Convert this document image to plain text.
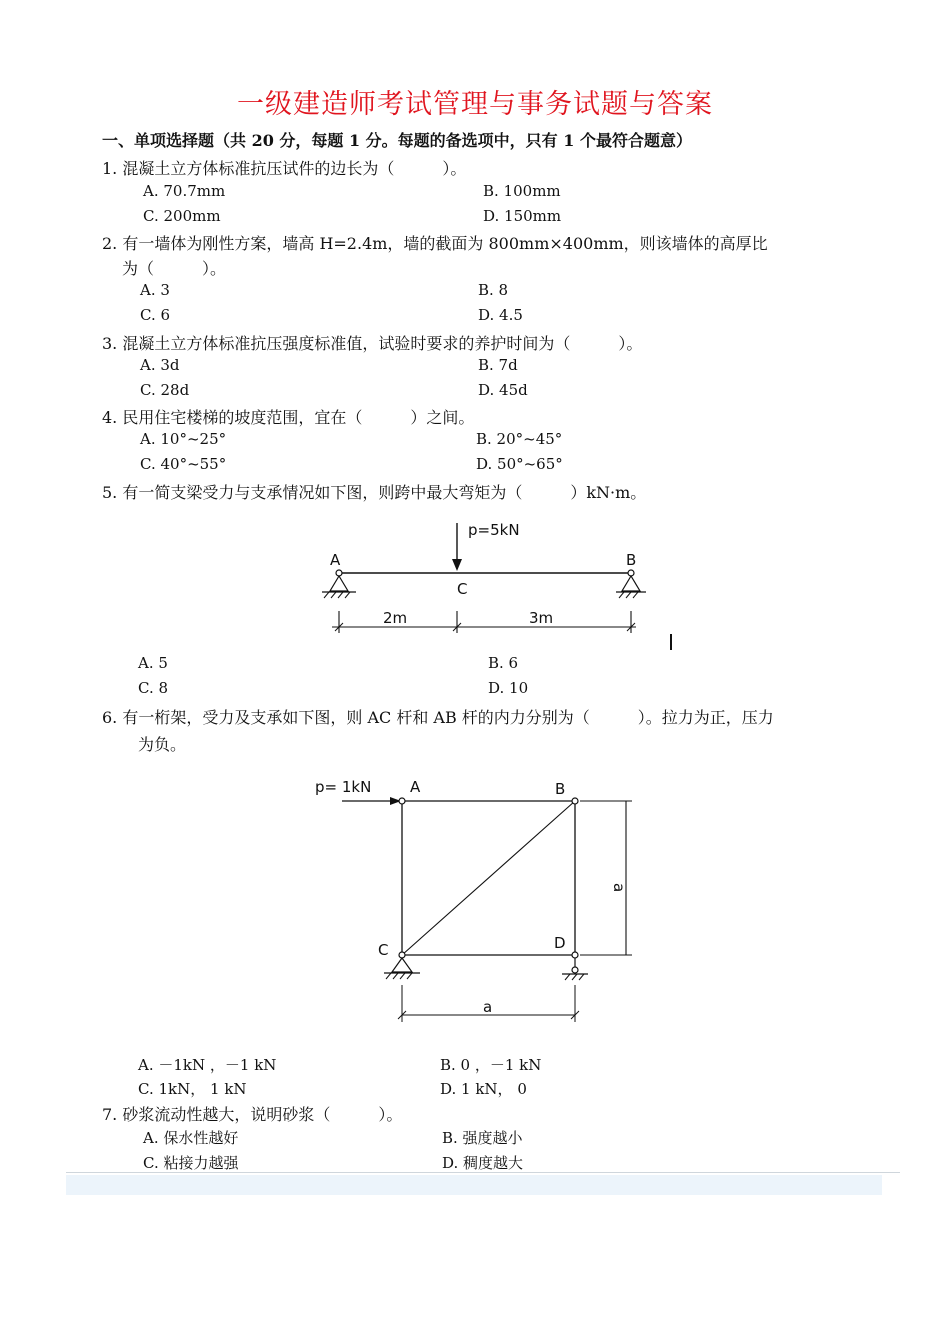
一级建造师考试管理与事务试题与答案
一、单项选择题（共 20 分，每题 1 分。每题的备选项中，只有 1 个最符合题意）
1. 混凝土立方体标准抗压试件的边长为（　　　）。
A. 70.7mm	B. 100mm
C. 200mm	D. 150mm
2. 有一墙体为刚性方案，墙高 H=2.4m，墙的截面为 800mm×400mm，则该墙体的高厚比
为（　　　）。
A. 3	B. 8
C. 6	D. 4.5
3. 混凝土立方体标准抗压强度标准值，试验时要求的养护时间为（　　　）。
A. 3d	B. 7d
C. 28d	D. 45d
4. 民用住宅楼梯的坡度范围，宜在（　　　）之间。
A. 10°~25°	B. 20°~45°
C. 40°~55°	D. 50°~65°
5. 有一简支梁受力与支承情况如下图，则跨中最大弯矩为（　　　）kN·m。
p=5kN
A	B
C
2m	3m
A. 5	B. 6
C. 8	D. 10
6. 有一桁架，受力及支承如下图，则 AC 杆和 AB 杆的内力分别为（　　　）。拉力为正，压力
为负。
p= 1kN	A	B
C	D
a
a
A. －1kN ，－1 kN	B. 0 ，－1 kN
C. 1kN， 1 kN	D. 1 kN， 0
7. 砂浆流动性越大，说明砂浆（　　　）。
A. 保水性越好	B. 强度越小
C. 粘接力越强	D. 稠度越大
